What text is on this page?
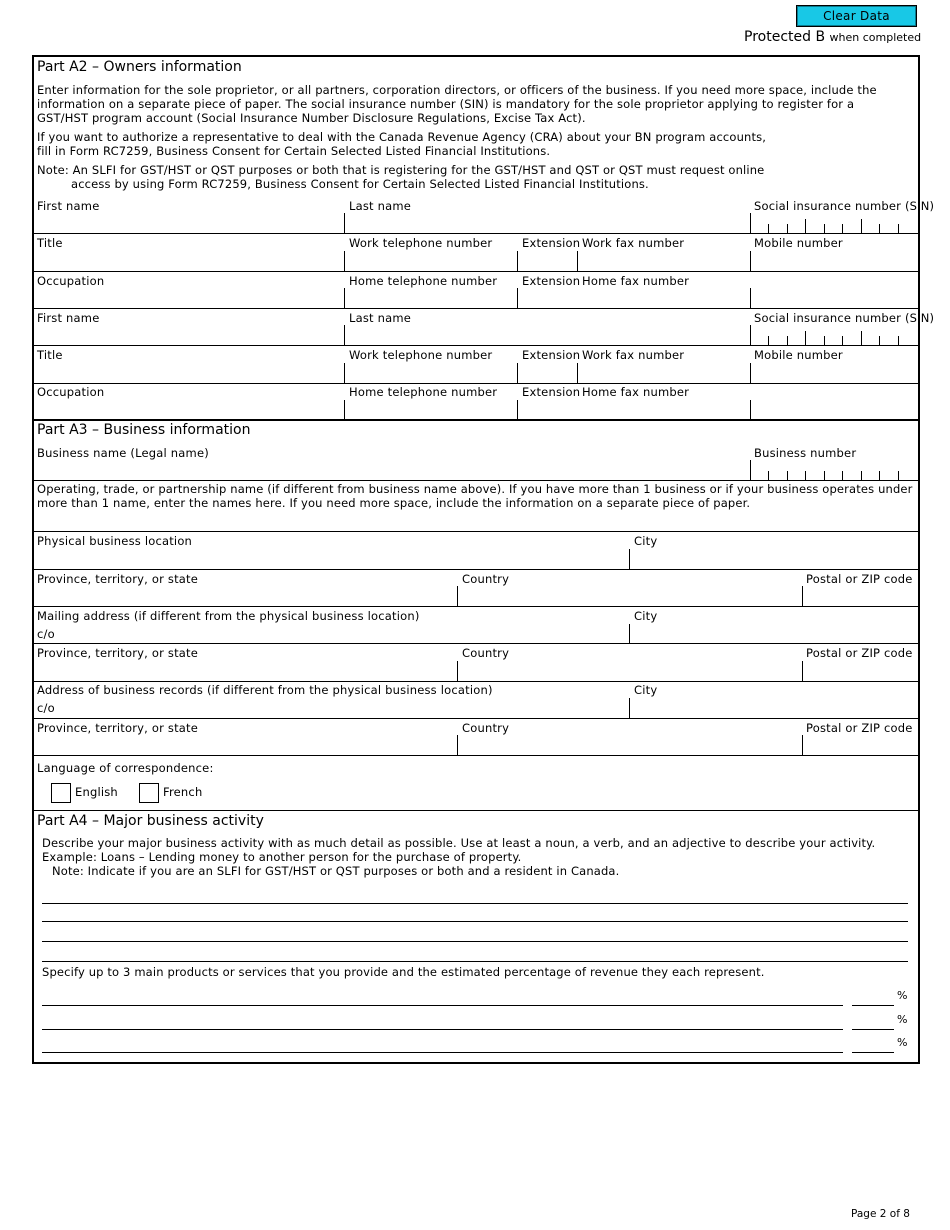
Clear Data
Protected B when completed
Part A2 – Owners information
Enter information for the sole proprietor, or all partners, corporation directors, or officers of the business. If you need more space, include the information on a separate piece of paper. The social insurance number (SIN) is mandatory for the sole proprietor applying to register for a GST/HST program account (Social Insurance Number Disclosure Regulations, Excise Tax Act).
If you want to authorize a representative to deal with the Canada Revenue Agency (CRA) about your BN program accounts,
fill in Form RC7259, Business Consent for Certain Selected Listed Financial Institutions.
Note: An SLFI for GST/HST or QST purposes or both that is registering for the GST/HST and QST or QST must request online
access by using Form RC7259, Business Consent for Certain Selected Listed Financial Institutions.
First name	Last name	Social insurance number (SIN)
Title	Work telephone number	Extension Work fax number	Mobile number
Occupation	Home telephone number Extension Home fax number
First name	Last name	Social insurance number (SIN)
Title	Work telephone number	Extension Work fax number	Mobile number
Occupation	Home telephone number Extension Home fax number
Part A3 – Business information
Business name (Legal name)	Business number
Operating, trade, or partnership name (if different from business name above). If you have more than 1 business or if your business operates under more than 1 name, enter the names here. If you need more space, include the information on a separate piece of paper.
Physical business location	City
Province, territory, or state	Country	Postal or ZIP code
Mailing address (if different from the physical business location)	City
c/o
Province, territory, or state	Country	Postal or ZIP code
Address of business records (if different from the physical business location)	City
c/o
Province, territory, or state	Country	Postal or ZIP code
Language of correspondence:
English	French
Part A4 – Major business activity
Describe your major business activity with as much detail as possible. Use at least a noun, a verb, and an adjective to describe your activity.
Example: Loans – Lending money to another person for the purchase of property.
Note: Indicate if you are an SLFI for GST/HST or QST purposes or both and a resident in Canada.
Specify up to 3 main products or services that you provide and the estimated percentage of revenue they each represent.
%
%
%
Page 2 of 8
